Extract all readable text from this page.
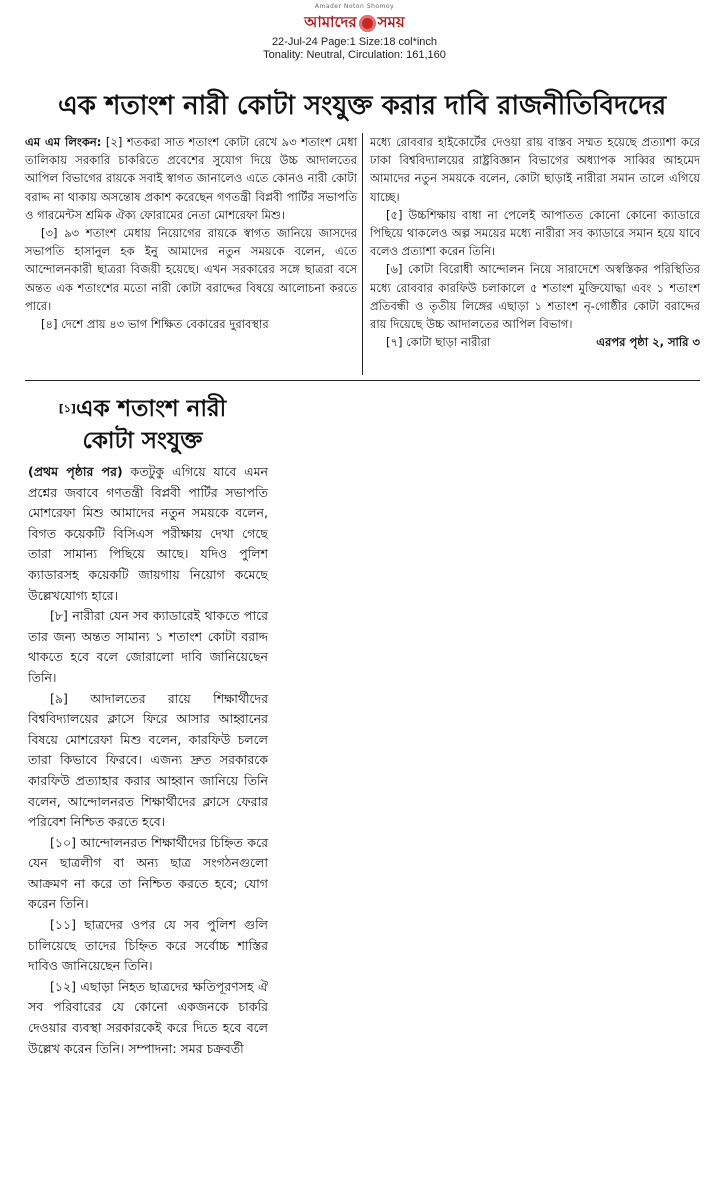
Amader Noton Shomoy
আমাদের সময়
22-Jul-24 Page:1 Size:18 col*inch
Tonality: Neutral, Circulation: 161,160
এক শতাংশ নারী কোটা সংযুক্ত করার দাবি রাজনীতিবিদদের

এম এম লিংকন: [২] শতকরা সাত শতাংশ কোটা রেখে ৯৩ শতাংশ মেধা তালিকায় সরকারি চাকরিতে প্রবেশের সুযোগ দিয়ে উচ্চ আদালতের আপিল বিভাগের রায়কে সবাই স্বাগত জানালেও এতে কোনও নারী কোটা বরাদ্দ না থাকায় অসন্তোষ প্রকাশ করেছেন গণতন্ত্রী বিপ্লবী পার্টির সভাপতি ও গারমেন্টস শ্রমিক ঐক্য ফোরামের নেতা মোশরেফা মিশু।

[৩] ৯৩ শতাংশ মেধায় নিয়োগের রায়কে স্বাগত জানিয়ে জাসদের সভাপতি হাসানুল হক ইনু আমাদের নতুন সময়কে বলেন, এতে আন্দোলনকারী ছাত্ররা বিজয়ী হয়েছে। এখন সরকারের সঙ্গে ছাত্ররা বসে অন্তত এক শতাংশের মতো নারী কোটা বরাদ্দের বিষয়ে আলোচনা করতে পারে।

[৪] দেশে প্রায় ৪৩ ভাগ শিক্ষিত বেকারের দুরাবস্থার

মধ্যে রোববার হাইকোর্টের দেওয়া রায় বাস্তব সম্মত হয়েছে প্রত্যাশা করে ঢাকা বিশ্ববিদ্যালয়ের রাষ্ট্রবিজ্ঞান বিভাগের অধ্যাপক সাব্বির আহমেদ আমাদের নতুন সময়কে বলেন, কোটা ছাড়াই নারীরা সমান তালে এগিয়ে যাচ্ছে।

[৫] উচ্চশিক্ষায় বাধা না পেলেই আপাতত কোনো কোনো ক্যাডারে পিছিয়ে থাকলেও অল্প সময়ের মধ্যে নারীরা সব ক্যাডারে সমান হয়ে যাবে বলেও প্রত্যাশা করেন তিনি।

[৬] কোটা বিরোধী আন্দোলন নিয়ে সারাদেশে অস্বস্তিকর পরিস্থিতির মধ্যে রোববার কারফিউ চলাকালে ৫ শতাংশ মুক্তিযোদ্ধা এবং ১ শতাংশ প্রতিবন্ধী ও তৃতীয় লিঙ্গের এছাড়া ১ শতাংশ নৃ-গোষ্ঠীর কোটা বরাদ্দের রায় দিয়েছে উচ্চ আদালতের আপিল বিভাগ।

[৭] কোটা ছাড়া নারীরা	এরপর পৃষ্ঠা ২, সারি ৩

[১]এক শতাংশ নারী
কোটা সংযুক্ত

(প্রথম পৃষ্ঠার পর) কতটুকু এগিয়ে যাবে এমন প্রশ্নের জবাবে গণতন্ত্রী বিপ্লবী পার্টির সভাপতি মোশরেফা মিশু আমাদের নতুন সময়কে বলেন, বিগত কয়েকটি বিসিএস পরীক্ষায় দেখা গেছে তারা সামান্য পিছিয়ে আছে। যদিও পুলিশ ক্যাডারসহ কয়েকটি জায়গায় নিয়োগ কমেছে উল্লেখযোগ্য হারে।

[৮] নারীরা যেন সব ক্যাডারেই থাকতে পারে তার জন্য অন্তত সামান্য ১ শতাংশ কোটা বরাদ্দ থাকতে হবে বলে জোরালো দাবি জানিয়েছেন তিনি।

[৯] আদালতের রায়ে শিক্ষার্থীদের বিশ্ববিদ্যালয়ের ক্লাসে ফিরে আসার আহ্বানের বিষয়ে মোশরেফা মিশু বলেন, কারফিউ চললে তারা কিভাবে ফিরবে। এজন্য দ্রুত সরকারকে কারফিউ প্রত্যাহার করার আহ্বান জানিয়ে তিনি বলেন, আন্দোলনরত শিক্ষার্থীদের ক্লাসে ফেরার পরিবেশ নিশ্চিত করতে হবে।

[১০] আন্দোলনরত শিক্ষার্থীদের চিহ্নিত করে যেন ছাত্রলীগ বা অন্য ছাত্র সংগঠনগুলো আক্রমণ না করে তা নিশ্চিত করতে হবে; যোগ করেন তিনি।

[১১] ছাত্রদের ওপর যে সব পুলিশ গুলি চালিয়েছে তাদের চিহ্নিত করে সর্বোচ্চ শাস্তির দাবিও জানিয়েছেন তিনি।

[১২] এছাড়া নিহত ছাত্রদের ক্ষতিপূরণসহ ঐ সব পরিবারের যে কোনো একজনকে চাকরি দেওয়ার ব্যবস্থা সরকারকেই করে দিতে হবে বলে উল্লেখ করেন তিনি। সম্পাদনা: সমর চক্রবর্তী
